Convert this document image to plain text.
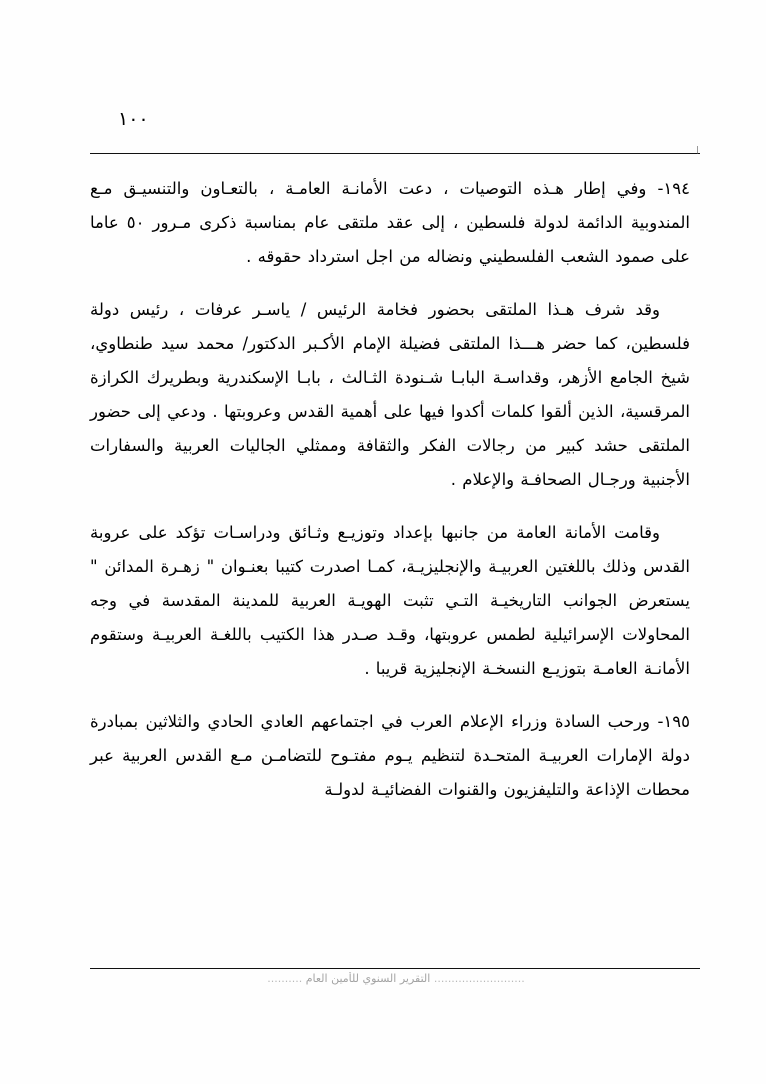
١٠٠

١٩٤- وفي إطار هـذه التوصيات ، دعت الأمانـة العامـة ، بالتعـاون والتنسيـق مـع المندوبية الدائمة لدولة فلسطين ، إلى عقد ملتقى عام بمناسبة ذكرى مـرور ٥٠ عاما على صمود الشعب الفلسطيني ونضاله من اجل استرداد حقوقه .

وقد شرف هـذا الملتقى بحضور فخامة الرئيس / ياسـر عرفات ، رئيس دولة فلسطين، كما حضر هـــذا الملتقى فضيلة الإمام الأكـبر الدكتور/ محمد سيد طنطاوي، شيخ الجامع الأزهر، وقداسـة البابـا شـنودة الثـالث ، بابـا الإسكندرية وبطريرك الكرازة المرقسية، الذين ألقوا كلمات أكدوا فيها على أهمية القدس وعروبتها . ودعي إلى حضور الملتقى حشد كبير من رجالات الفكر والثقافة وممثلي الجاليات العربية والسفارات الأجنبية ورجـال الصحافـة والإعلام .

وقامت الأمانة العامة من جانبها بإعداد وتوزيـع وثـائق ودراسـات تؤكد على عروبة القدس وذلك باللغتين العربيـة والإنجليزيـة، كمـا اصدرت كتيبا بعنـوان " زهـرة المدائن " يستعرض الجوانب التاريخيـة التـي تثبت الهويـة العربية للمدينة المقدسة في وجه المحاولات الإسرائيلية لطمس عروبتها، وقـد صـدر هذا الكتيب باللغـة العربيـة وستقوم الأمانـة العامـة بتوزيـع النسخـة الإنجليزية قريبا .

١٩٥- ورحب السادة وزراء الإعلام العرب في اجتماعهم العادي الحادي والثلاثين بمبادرة دولة الإمارات العربيـة المتحـدة لتنظيم يـوم مفتـوح للتضامـن مـع القدس العربية عبر محطات الإذاعة والتليفزيون والقنوات الفضائيـة لدولـة

.......................... التقرير السنوي للأمين العام ..........
